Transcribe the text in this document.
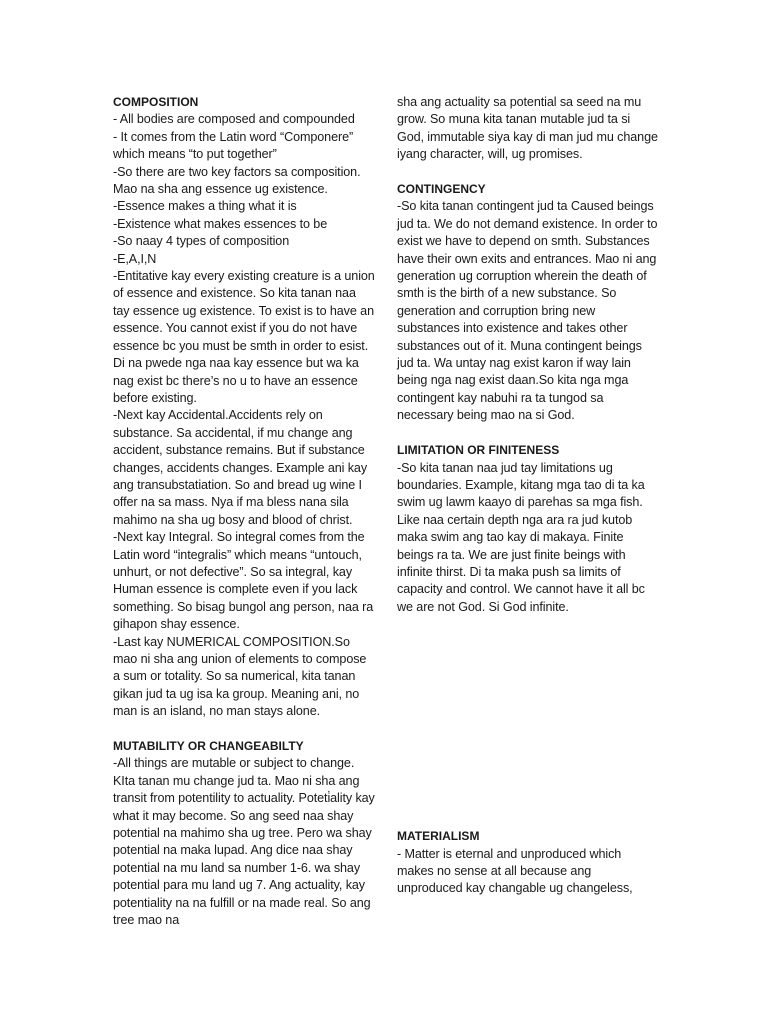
COMPOSITION

- All bodies are composed and compounded

- It comes from the Latin word “Componere” which means “to put together”

-So there are two key factors sa composition. Mao na sha ang essence ug existence.

-Essence makes a thing what it is

-Existence what makes essences to be

-So naay 4 types of composition

-E,A,I,N

-Entitative kay every existing creature is a union of essence and existence. So kita tanan naa tay essence ug existence. To exist is to have an essence. You cannot exist if you do not have essence bc you must be smth in order to esist. Di na pwede nga naa kay essence but wa ka nag exist bc there’s no u to have an essence before existing.

-Next kay Accidental.Accidents rely on substance. Sa accidental, if mu change ang accident, substance remains. But if substance changes, accidents changes. Example ani kay ang transubstatiation. So and bread ug wine I offer na sa mass. Nya if ma bless nana sila mahimo na sha ug bosy and blood of christ.

-Next kay Integral. So integral comes from the Latin word “integralis” which means “untouch, unhurt, or not defective”. So sa integral, kay Human essence is complete even if you lack something. So bisag bungol ang person, naa ra gihapon shay essence.

-Last kay NUMERICAL COMPOSITION.So mao ni sha ang union of elements to compose a sum or totality. So sa numerical, kita tanan gikan jud ta ug isa ka group. Meaning ani, no man is an island, no man stays alone.

MUTABILITY OR CHANGEABILTY

-All things are mutable or subject to change. KIta tanan mu change jud ta. Mao ni sha ang transit from potentility to actuality. Poteti̇ality kay what it may become. So ang seed naa shay potential na mahimo sha ug tree. Pero wa shay potential na maka lupad. Ang dice naa shay potential na mu land sa number 1-6. wa shay potential para mu land ug 7. Ang actuality, kay potentiality na na fulfill or na made real. So ang tree mao na

sha ang actuality sa potential sa seed na mu grow. So muna kita tanan mutable jud ta si God, immutable siya kay di man jud mu change iyang character, will, ug promises.

CONTINGENCY

-So kita tanan contingent jud ta Caused beings jud ta. We do not demand existence. In order to exist we have to depend on smth. Substances have their own exits and entrances. Mao ni ang generation ug corruption wherein the death of smth is the birth of a new substance. So generation and corruption bring new substances into existence and takes other substances out of it. Muna contingent beings jud ta. Wa untay nag exist karon if way lain being nga nag exist daan.So kita nga mga contingent kay nabuhi ra ta tungod sa necessary being mao na si God.

LIMITATION OR FINITENESS

-So kita tanan naa jud tay limitations ug boundaries. Example, kitang mga tao di ta ka swim ug lawm kaayo di parehas sa mga fish. Like naa certain depth nga ara ra jud kutob maka swim ang tao kay di makaya. Finite beings ra ta. We are just finite beings with infinite thirst. Di ta maka push sa limits of capacity and control. We cannot have it all bc we are not God. Si God infinite.

MATERIALISM

- Matter is eternal and unproduced which makes no sense at all because ang unproduced kay changable ug changeless,
